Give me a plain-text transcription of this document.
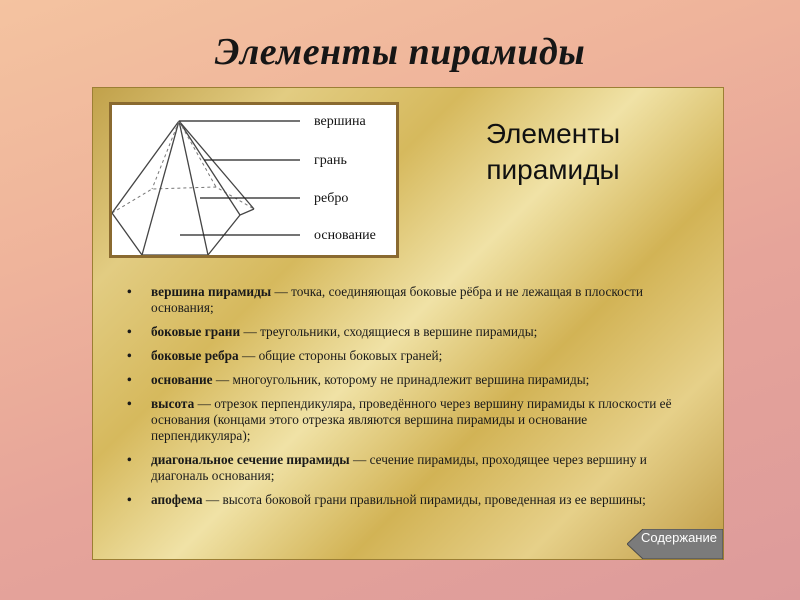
Элементы пирамиды
вершина
грань
ребро
основание
Элементы
пирамиды
• вершина пирамиды — точка, соединяющая боковые рёбра и не лежащая в плоскости основания;
• боковые грани — треугольники, сходящиеся в вершине пирамиды;
• боковые ребра — общие стороны боковых граней;
• основание — многоугольник, которому не принадлежит вершина пирамиды;
• высота — отрезок перпендикуляра, проведённого через вершину пирамиды к плоскости её основания (концами этого отрезка являются вершина пирамиды и основание перпендикуляра);
• диагональное сечение пирамиды — сечение пирамиды, проходящее через вершину и диагональ основания;
• апофема — высота боковой грани правильной пирамиды, проведенная из ее вершины;
Содержание
